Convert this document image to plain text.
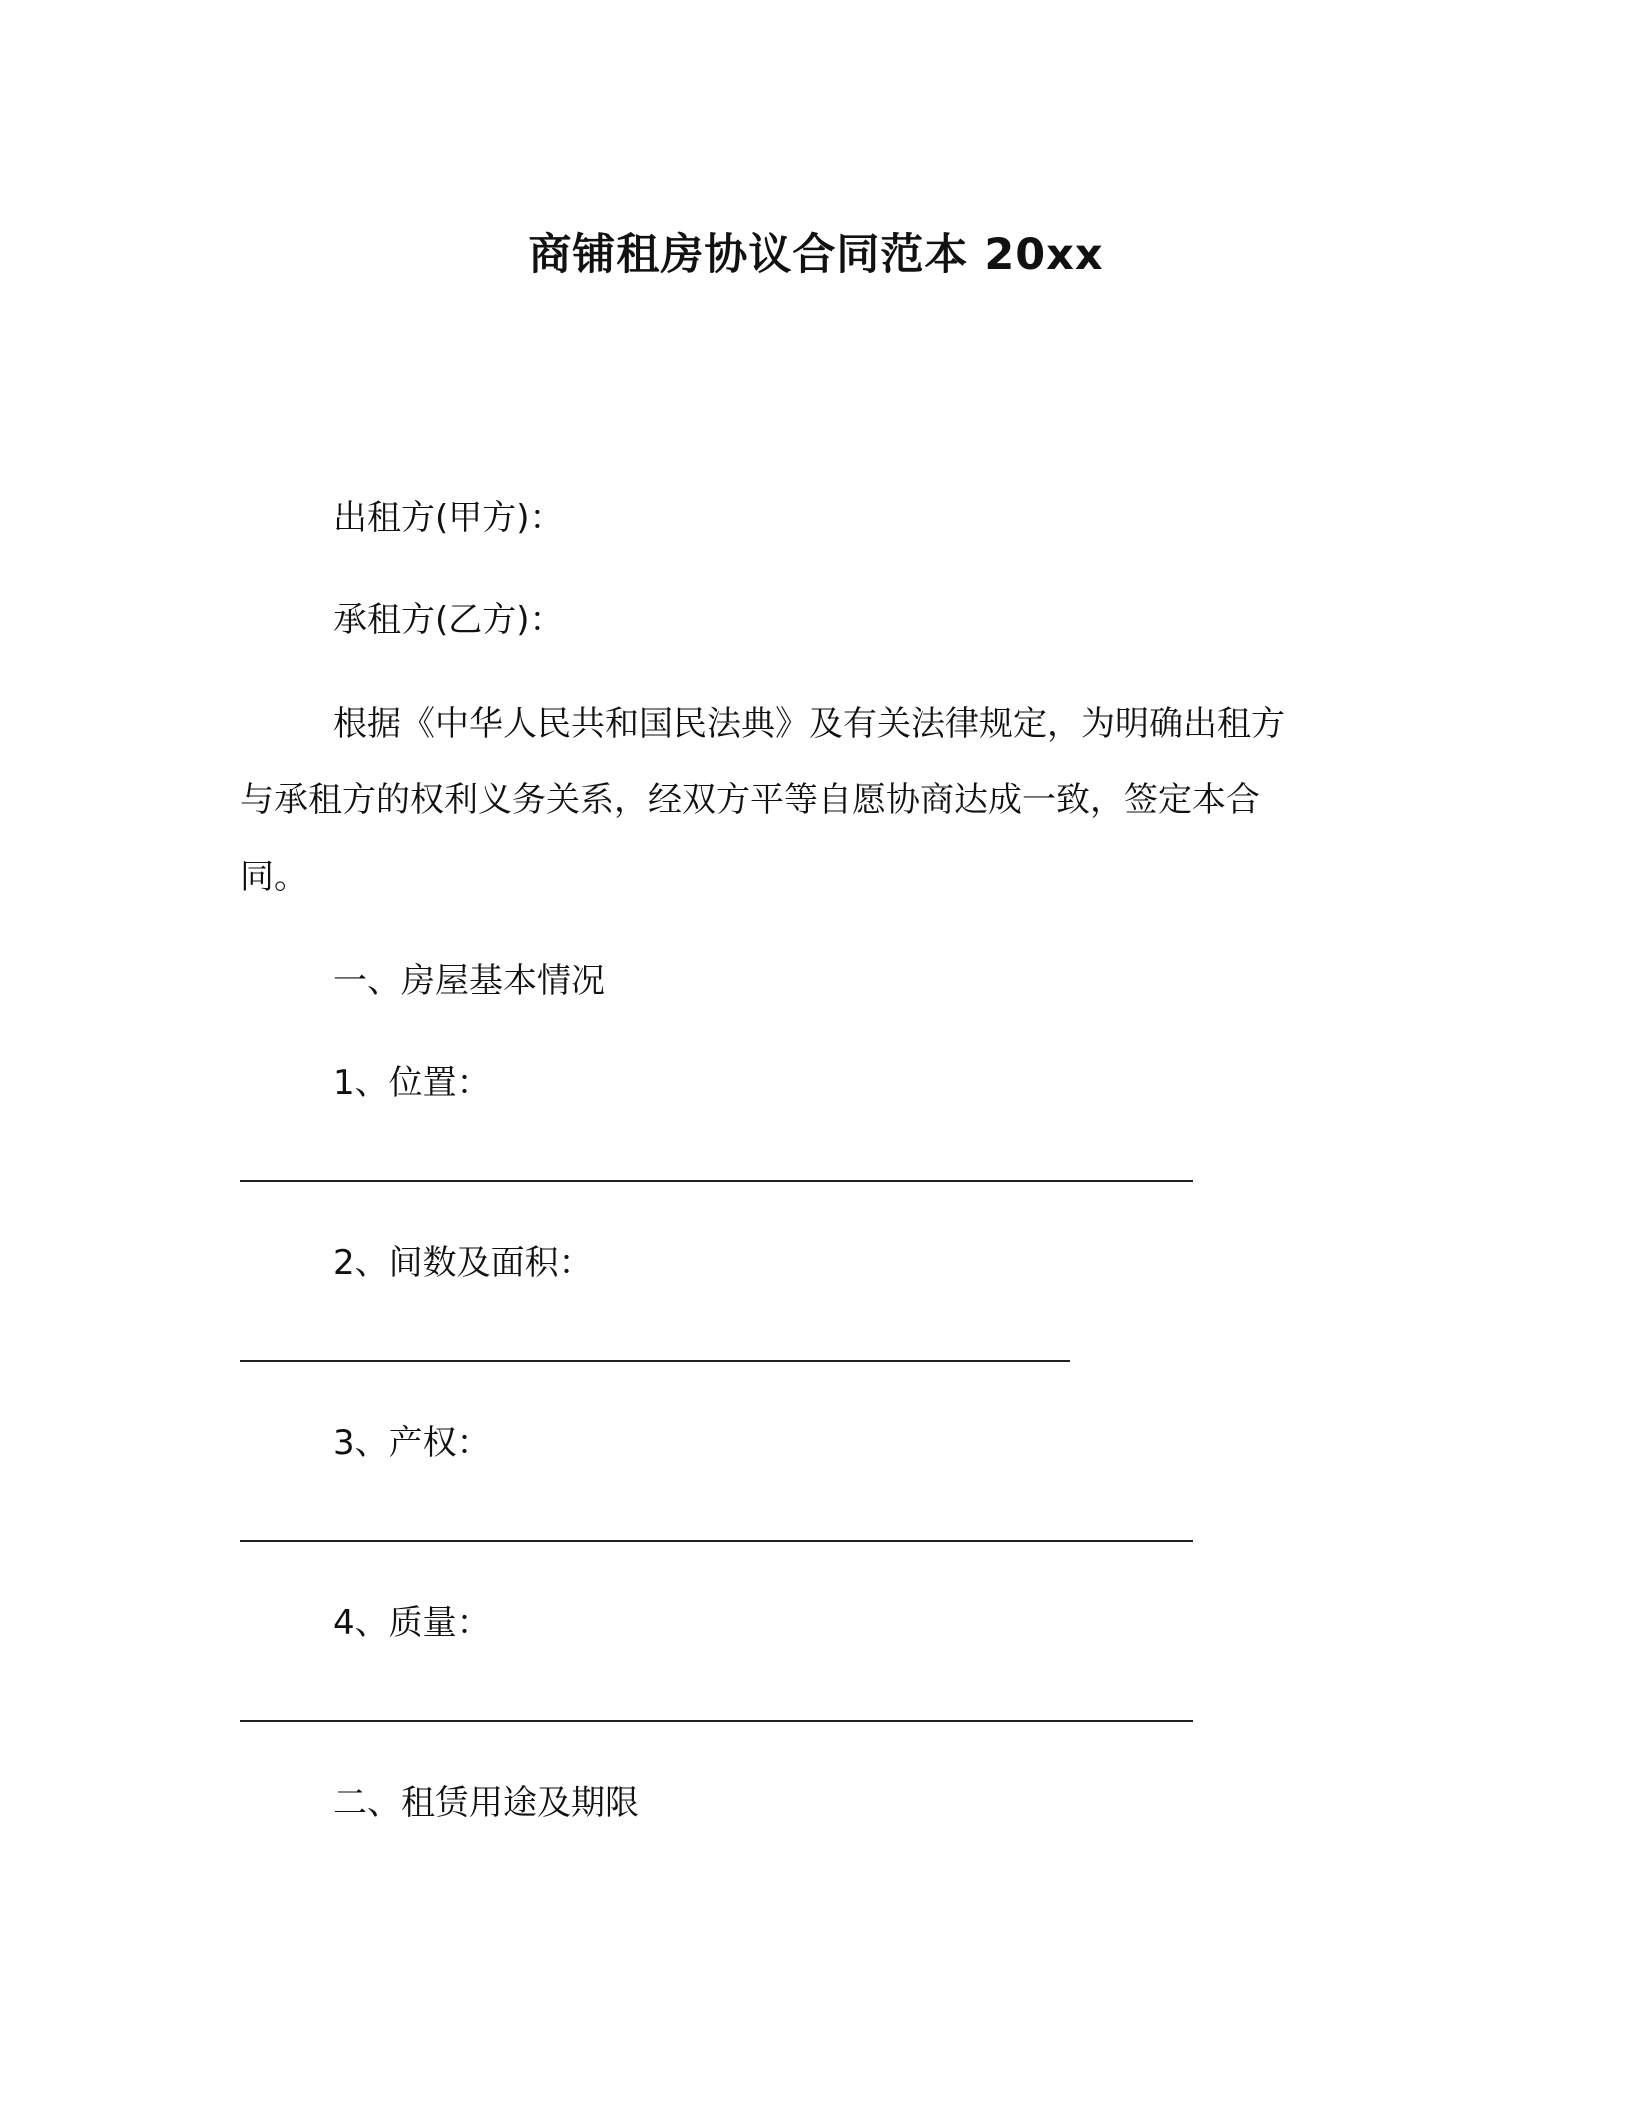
商铺租房协议合同范本 20xx
出租方(甲方)：
承租方(乙方)：
根据《中华人民共和国民法典》及有关法律规定，为明确出租方
与承租方的权利义务关系，经双方平等自愿协商达成一致，签定本合
同。
一、房屋基本情况
1、位置：
2、间数及面积：
3、产权：
4、质量：
二、租赁用途及期限
